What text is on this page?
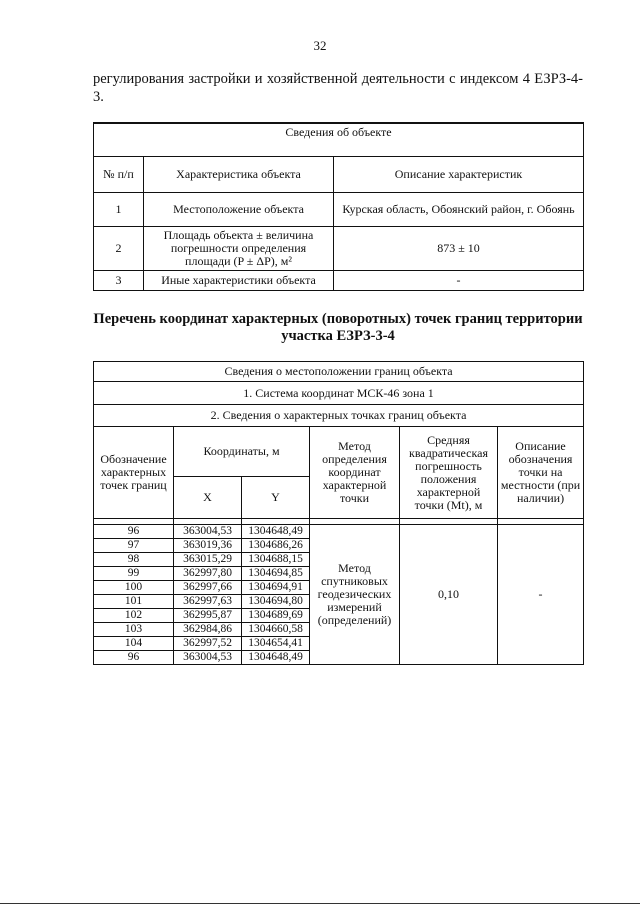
32
регулирования застройки и хозяйственной деятельности с индексом 4 ЕЗРЗ-4-3.
Сведения об объекте		
№ п/п	Характеристика объекта	Описание характеристик
1	Местоположение объекта	Курская область, Обоянский район, г. Обоянь
2	Площадь объекта ± величина погрешности определения площади (P ± ΔP), м²	873 ± 10
3	Иные характеристики объекта	-
Перечень координат характерных (поворотных) точек границ территории участка ЕЗРЗ-3-4
Сведения о местоположении границ объекта					
1. Система координат МСК-46 зона 1					
2. Сведения о характерных точках границ объекта					
Обозначение характерных точек границ	Координаты, м		Метод определения координат характерной точки	Средняя квадратическая погрешность положения характерной точки (Mt), м	Описание обозначения точки на местности (при наличии)
	X	Y			

96	363004,53	1304648,49	Метод спутниковых геодезических измерений (определений)	0,10	-
97	363019,36	1304686,26			
98	363015,29	1304688,15			
99	362997,80	1304694,85			
100	362997,66	1304694,91			
101	362997,63	1304694,80			
102	362995,87	1304689,69			
103	362984,86	1304660,58			
104	362997,52	1304654,41			
96	363004,53	1304648,49			
